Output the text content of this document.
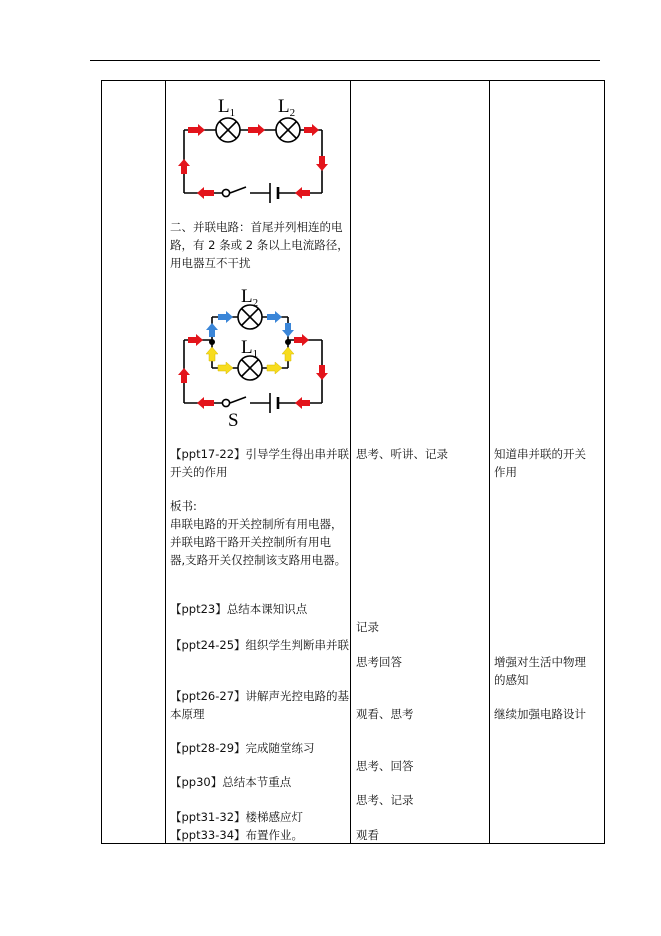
$L_1$ $L_2$
二、并联电路：首尾并列相连的电
路，有 2 条或 2 条以上电流路径，
用电器互不干扰
$L_2$
$L_1$
S
【ppt17-22】引导学生得出串并联
开关的作用
板书:
串联电路的开关控制所有用电器，
并联电路干路开关控制所有用电
器,支路开关仅控制该支路用电器。
【ppt23】总结本课知识点
【ppt24-25】组织学生判断串并联
【ppt26-27】讲解声光控电路的基
本原理
【ppt28-29】完成随堂练习
【pp30】总结本节重点
【ppt31-32】楼梯感应灯
【ppt33-34】布置作业。
思考、听讲、记录
记录
思考回答
观看、思考
思考、回答
思考、记录
观看
知道串并联的开关
作用
增强对生活中物理
的感知
继续加强电路设计
